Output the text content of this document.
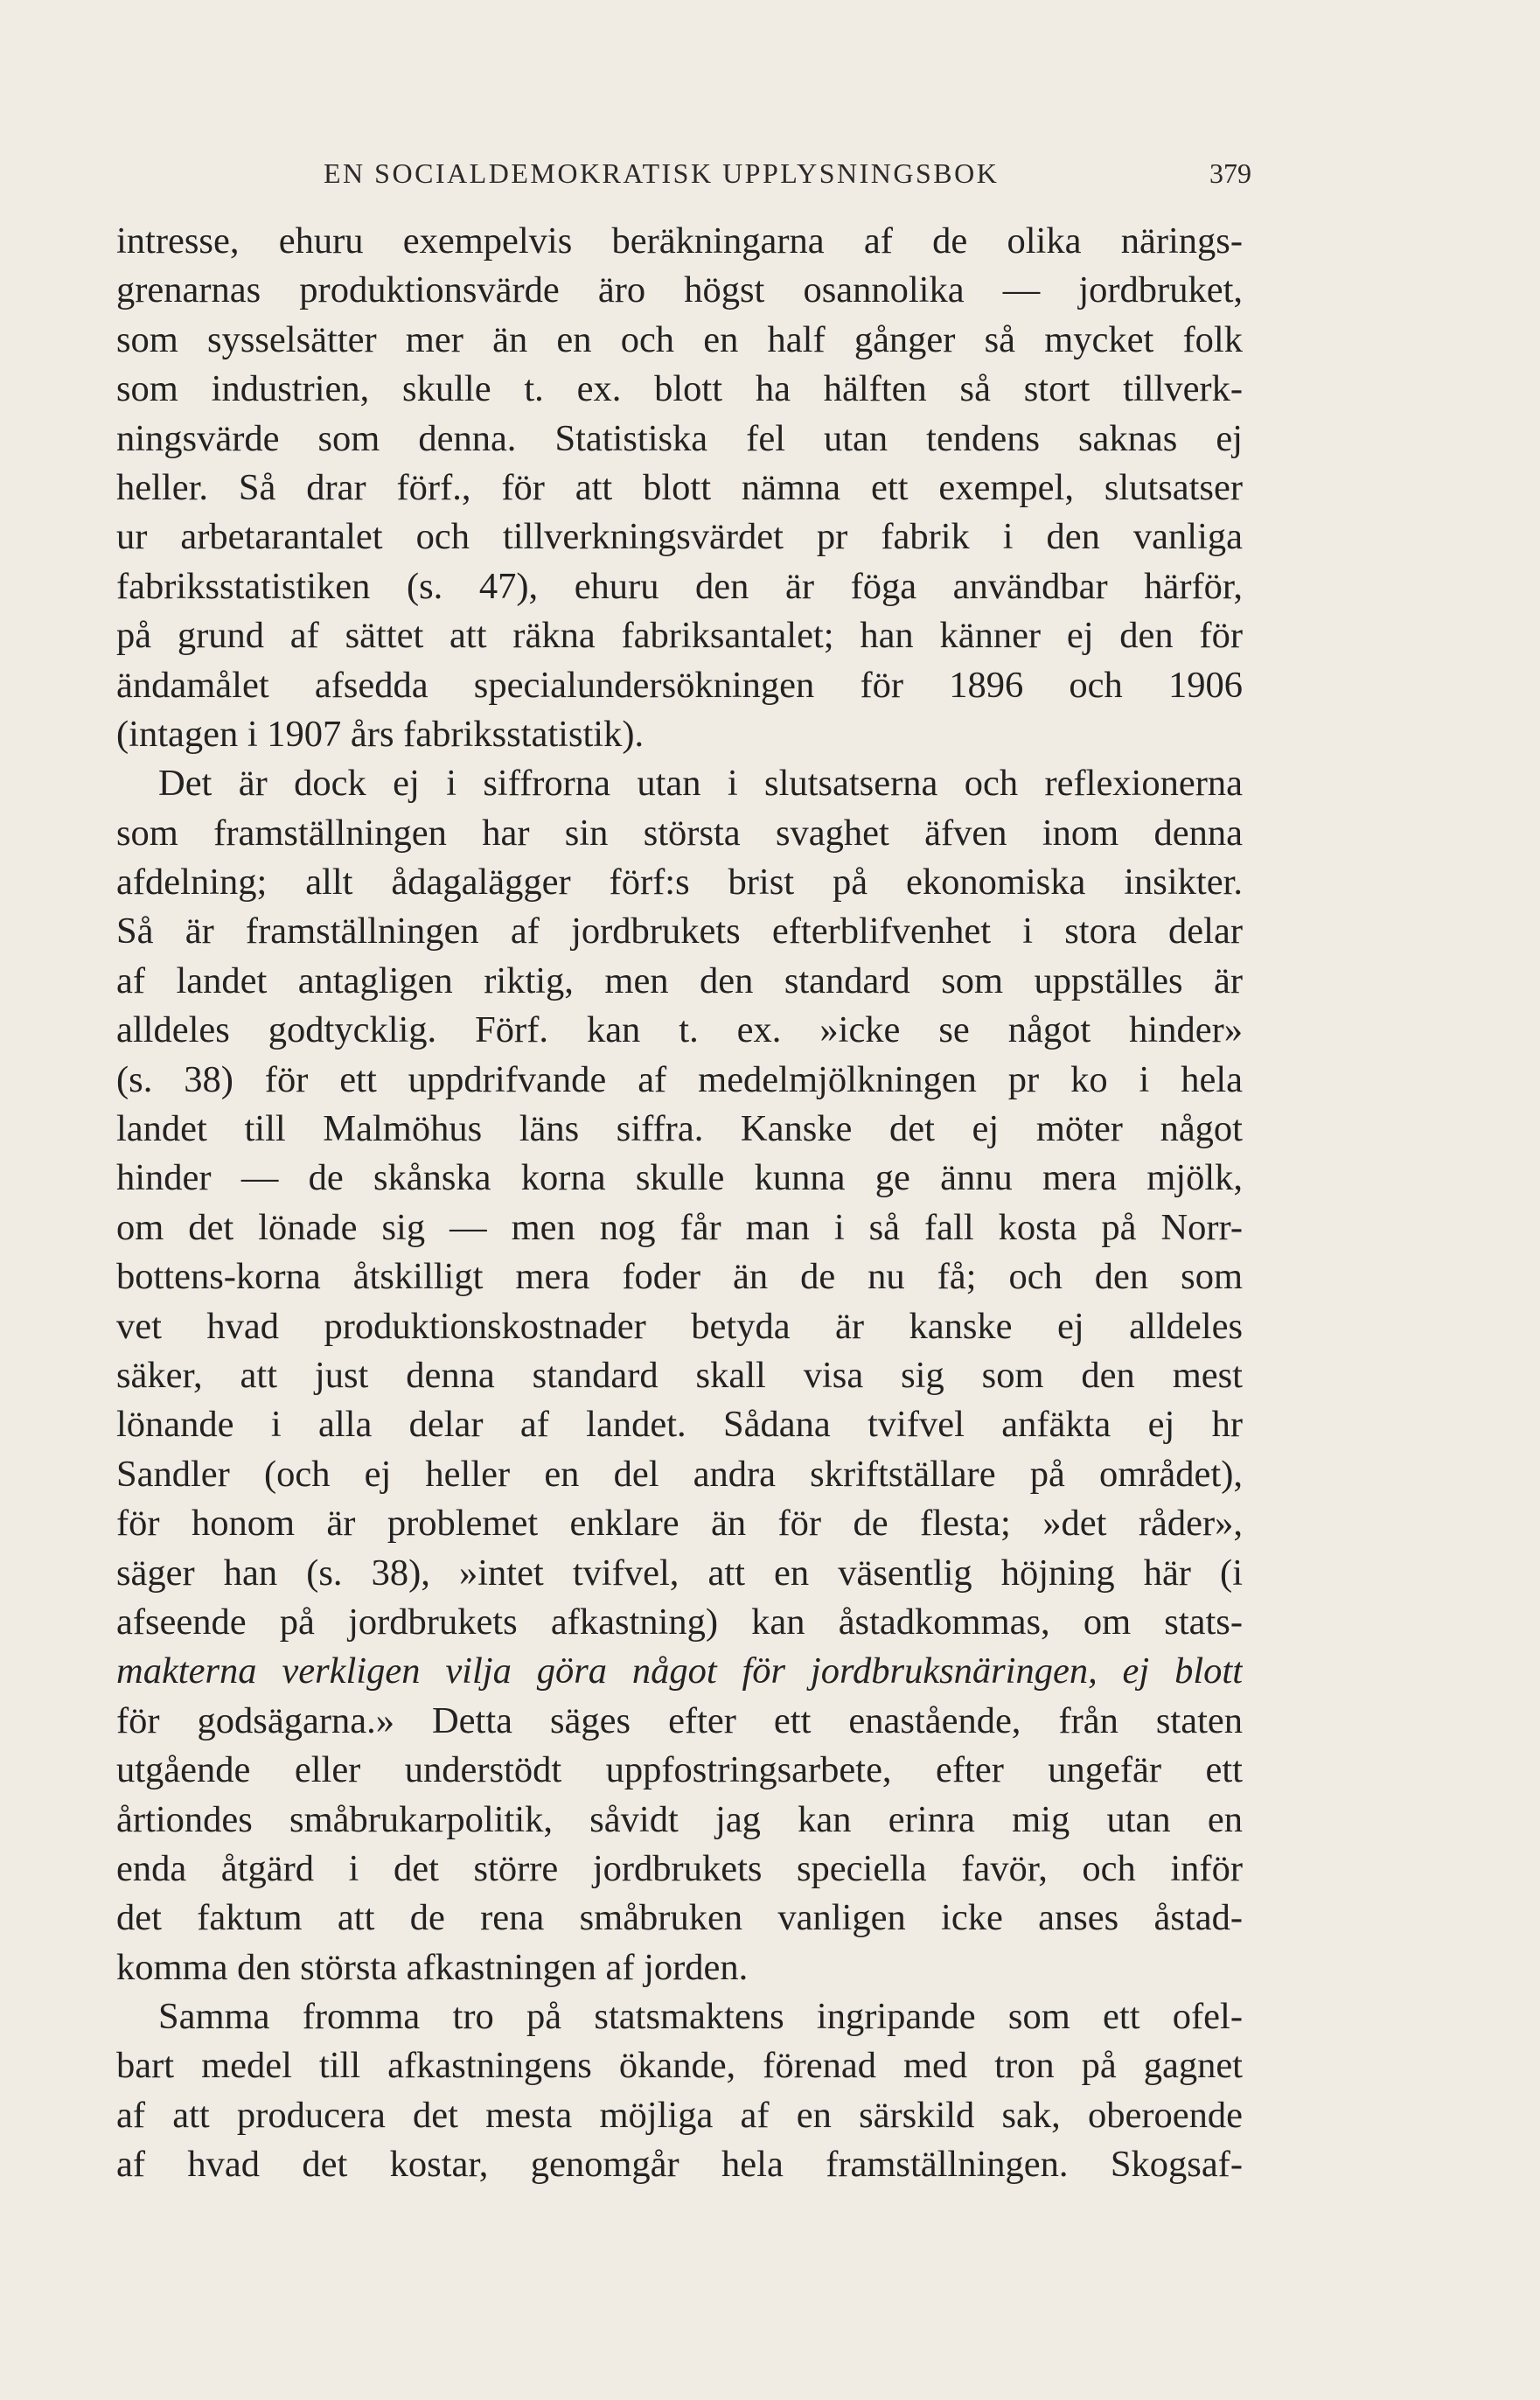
EN SOCIALDEMOKRATISK UPPLYSNINGSBOK	379
intresse, ehuru exempelvis beräkningarna af de olika närings-
grenarnas produktionsvärde äro högst osannolika — jordbruket,
som sysselsätter mer än en och en half gånger så mycket folk
som industrien, skulle t. ex. blott ha hälften så stort tillverk-
ningsvärde som denna. Statistiska fel utan tendens saknas ej
heller. Så drar förf., för att blott nämna ett exempel, slutsatser
ur arbetarantalet och tillverkningsvärdet pr fabrik i den vanliga
fabriksstatistiken (s. 47), ehuru den är föga användbar härför,
på grund af sättet att räkna fabriksantalet; han känner ej den för
ändamålet afsedda specialundersökningen för 1896 och 1906
(intagen i 1907 års fabriksstatistik).
Det är dock ej i siffrorna utan i slutsatserna och reflexionerna
som framställningen har sin största svaghet äfven inom denna
afdelning; allt ådagalägger förf:s brist på ekonomiska insikter.
Så är framställningen af jordbrukets efterblifvenhet i stora delar
af landet antagligen riktig, men den standard som uppställes är
alldeles godtycklig. Förf. kan t. ex. »icke se något hinder»
(s. 38) för ett uppdrifvande af medelmjölkningen pr ko i hela
landet till Malmöhus läns siffra. Kanske det ej möter något
hinder — de skånska korna skulle kunna ge ännu mera mjölk,
om det lönade sig — men nog får man i så fall kosta på Norr-
bottens-korna åtskilligt mera foder än de nu få; och den som
vet hvad produktionskostnader betyda är kanske ej alldeles
säker, att just denna standard skall visa sig som den mest
lönande i alla delar af landet. Sådana tvifvel anfäkta ej hr
Sandler (och ej heller en del andra skriftställare på området),
för honom är problemet enklare än för de flesta; »det råder»,
säger han (s. 38), »intet tvifvel, att en väsentlig höjning här (i
afseende på jordbrukets afkastning) kan åstadkommas, om stats-
makterna verkligen vilja göra något för jordbruksnäringen, ej blott
för godsägarna.» Detta säges efter ett enastående, från staten
utgående eller understödt uppfostringsarbete, efter ungefär ett
årtiondes småbrukarpolitik, såvidt jag kan erinra mig utan en
enda åtgärd i det större jordbrukets speciella favör, och inför
det faktum att de rena småbruken vanligen icke anses åstad-
komma den största afkastningen af jorden.
Samma fromma tro på statsmaktens ingripande som ett ofel-
bart medel till afkastningens ökande, förenad med tron på gagnet
af att producera det mesta möjliga af en särskild sak, oberoende
af hvad det kostar, genomgår hela framställningen. Skogsaf-
